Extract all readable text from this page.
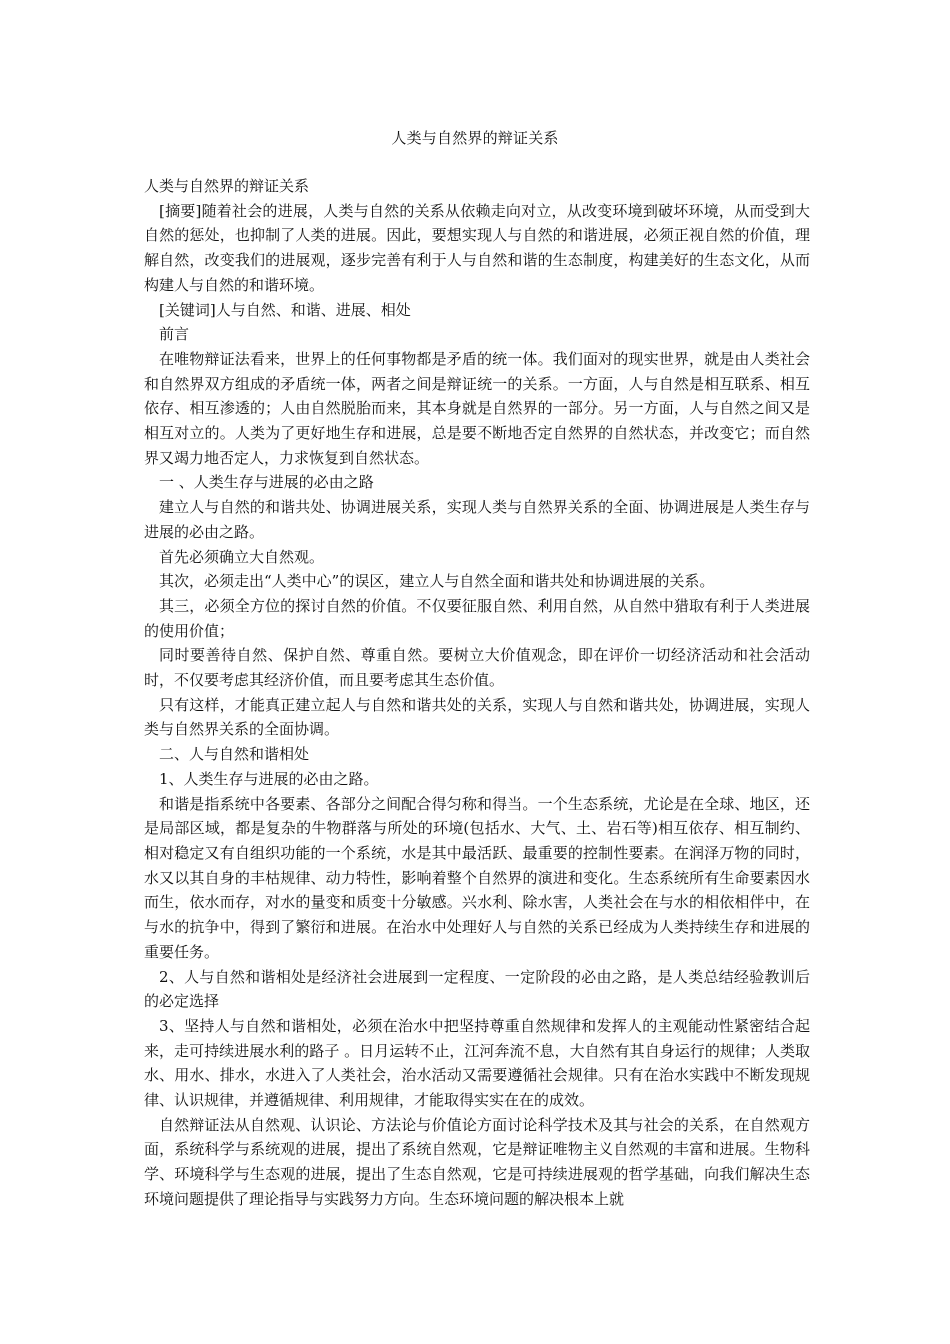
人类与自然界的辩证关系

人类与自然界的辩证关系

[摘要]随着社会的进展，人类与自然的关系从依赖走向对立，从改变环境到破坏环境，从而受到大自然的惩处，也抑制了人类的进展。因此，要想实现人与自然的和谐进展，必须正视自然的价值，理解自然，改变我们的进展观，逐步完善有利于人与自然和谐的生态制度，构建美好的生态文化，从而构建人与自然的和谐环境。

[关键词]人与自然、和谐、进展、相处

前言

在唯物辩证法看来，世界上的任何事物都是矛盾的统一体。我们面对的现实世界，就是由人类社会和自然界双方组成的矛盾统一体，两者之间是辩证统一的关系。一方面，人与自然是相互联系、相互依存、相互渗透的；人由自然脱胎而来，其本身就是自然界的一部分。另一方面，人与自然之间又是相互对立的。人类为了更好地生存和进展，总是要不断地否定自然界的自然状态，并改变它；而自然界又竭力地否定人，力求恢复到自然状态。

一 、人类生存与进展的必由之路

建立人与自然的和谐共处、协调进展关系，实现人类与自然界关系的全面、协调进展是人类生存与进展的必由之路。

首先必须确立大自然观。

其次，必须走出“人类中心”的误区，建立人与自然全面和谐共处和协调进展的关系。

其三，必须全方位的探讨自然的价值。不仅要征服自然、利用自然，从自然中猎取有利于人类进展的使用价值；

同时要善待自然、保护自然、尊重自然。要树立大价值观念，即在评价一切经济活动和社会活动时，不仅要考虑其经济价值，而且要考虑其生态价值。

只有这样，才能真正建立起人与自然和谐共处的关系，实现人与自然和谐共处，协调进展，实现人类与自然界关系的全面协调。

二、人与自然和谐相处

1、人类生存与进展的必由之路。

和谐是指系统中各要素、各部分之间配合得匀称和得当。一个生态系统，尤论是在全球、地区，还是局部区域，都是复杂的牛物群落与所处的环境(包括水、大气、土、岩石等)相互依存、相互制约、相对稳定又有自组织功能的一个系统，水是其中最活跃、最重要的控制性要素。在润泽万物的同时，水又以其自身的丰枯规律、动力特性，影响着整个自然界的演进和变化。生态系统所有生命要素因水而生，依水而存，对水的量变和质变十分敏感。兴水利、除水害，人类社会在与水的相依相伴中，在与水的抗争中，得到了繁衍和进展。在治水中处理好人与自然的关系已经成为人类持续生存和进展的重要任务。

2、人与自然和谐相处是经济社会进展到一定程度、一定阶段的必由之路，是人类总结经验教训后的必定选择

3、坚持人与自然和谐相处，必须在治水中把坚持尊重自然规律和发挥人的主观能动性紧密结合起来，走可持续进展水利的路子 。日月运转不止，江河奔流不息，大自然有其自身运行的规律；人类取水、用水、排水，水进入了人类社会，治水活动又需要遵循社会规律。只有在治水实践中不断发现规律、认识规律，并遵循规律、利用规律，才能取得实实在在的成效。

自然辩证法从自然观、认识论、方法论与价值论方面讨论科学技术及其与社会的关系，在自然观方面，系统科学与系统观的进展，提出了系统自然观，它是辩证唯物主义自然观的丰富和进展。生物科学、环境科学与生态观的进展，提出了生态自然观，它是可持续进展观的哲学基础，向我们解决生态环境问题提供了理论指导与实践努力方向。生态环境问题的解决根本上就
